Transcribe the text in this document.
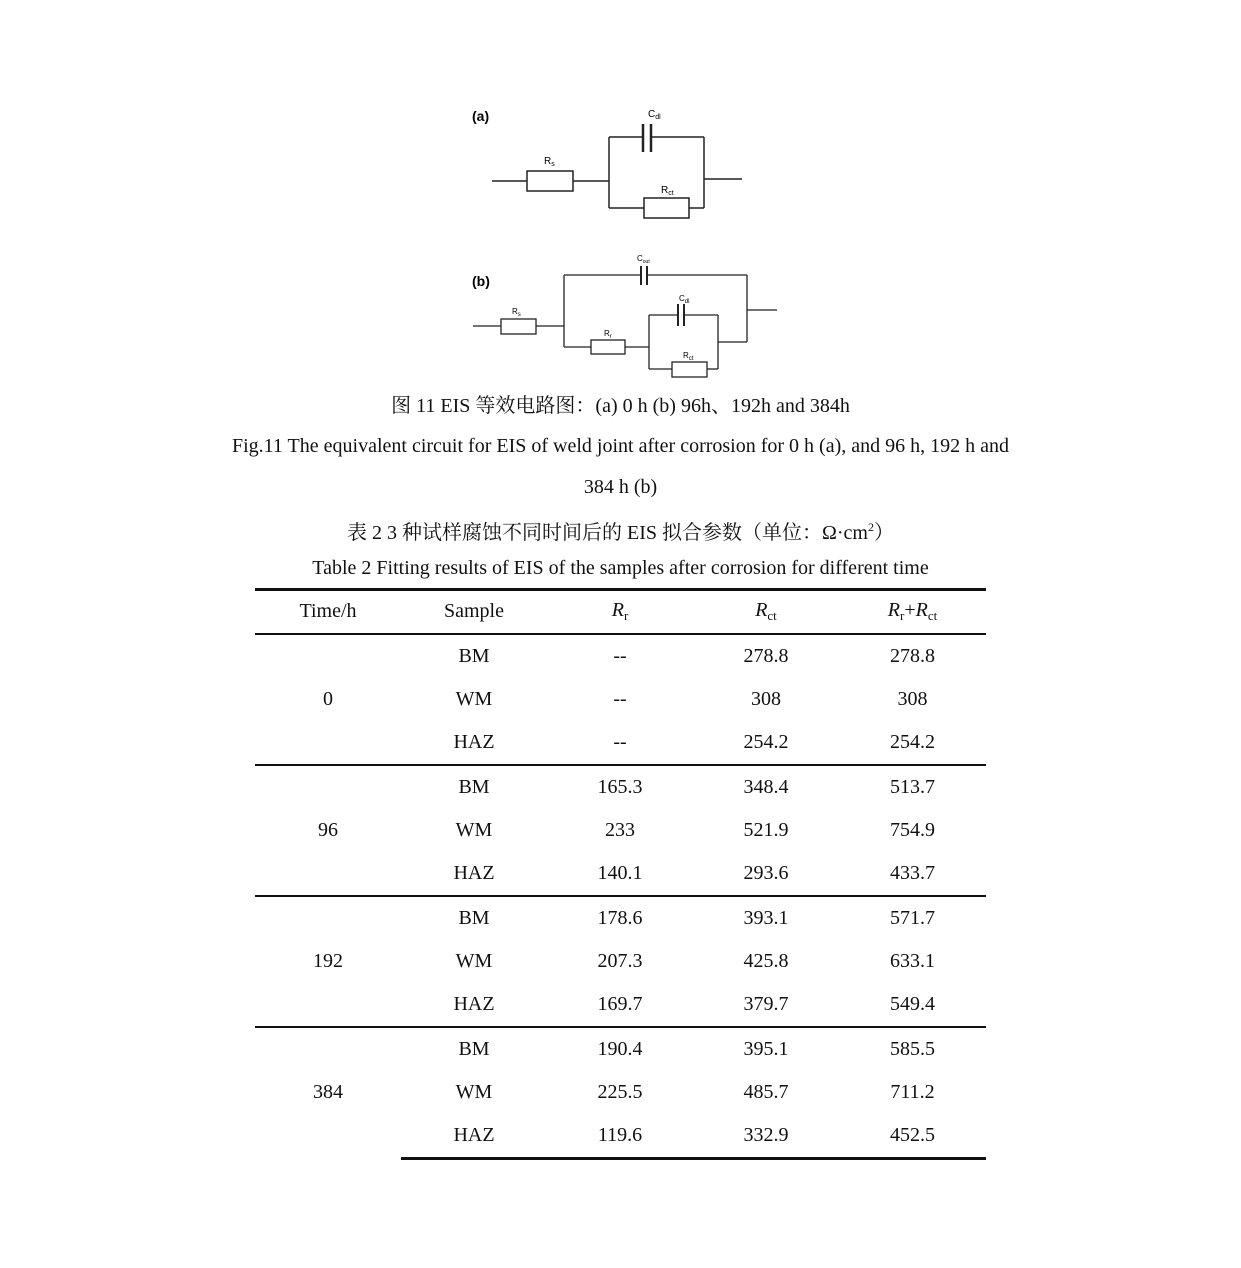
(a)
$R_s$
$C_{dl}$
$R_{ct}$
(b)
$R_s$
$C_{out}$
$R_r$
$C_{dl}$
$R_{ct}$
图 11 EIS 等效电路图：(a) 0 h (b) 96h、192h and 384h
Fig.11 The equivalent circuit for EIS of weld joint after corrosion for 0 h (a), and 96 h, 192 h and
384 h (b)
表 2 3 种试样腐蚀不同时间后的 EIS 拟合参数（单位：$\Omega\cdot cm^2$）
Table 2 Fitting results of EIS of the samples after corrosion for different time
Time/h	Sample	$R_r$	$R_{ct}$	$R_r+R_{ct}$
0	BM	--	278.8	278.8
	WM	--	308	308
	HAZ	--	254.2	254.2
96	BM	165.3	348.4	513.7
	WM	233	521.9	754.9
	HAZ	140.1	293.6	433.7
192	BM	178.6	393.1	571.7
	WM	207.3	425.8	633.1
	HAZ	169.7	379.7	549.4
384	BM	190.4	395.1	585.5
	WM	225.5	485.7	711.2
	HAZ	119.6	332.9	452.5
